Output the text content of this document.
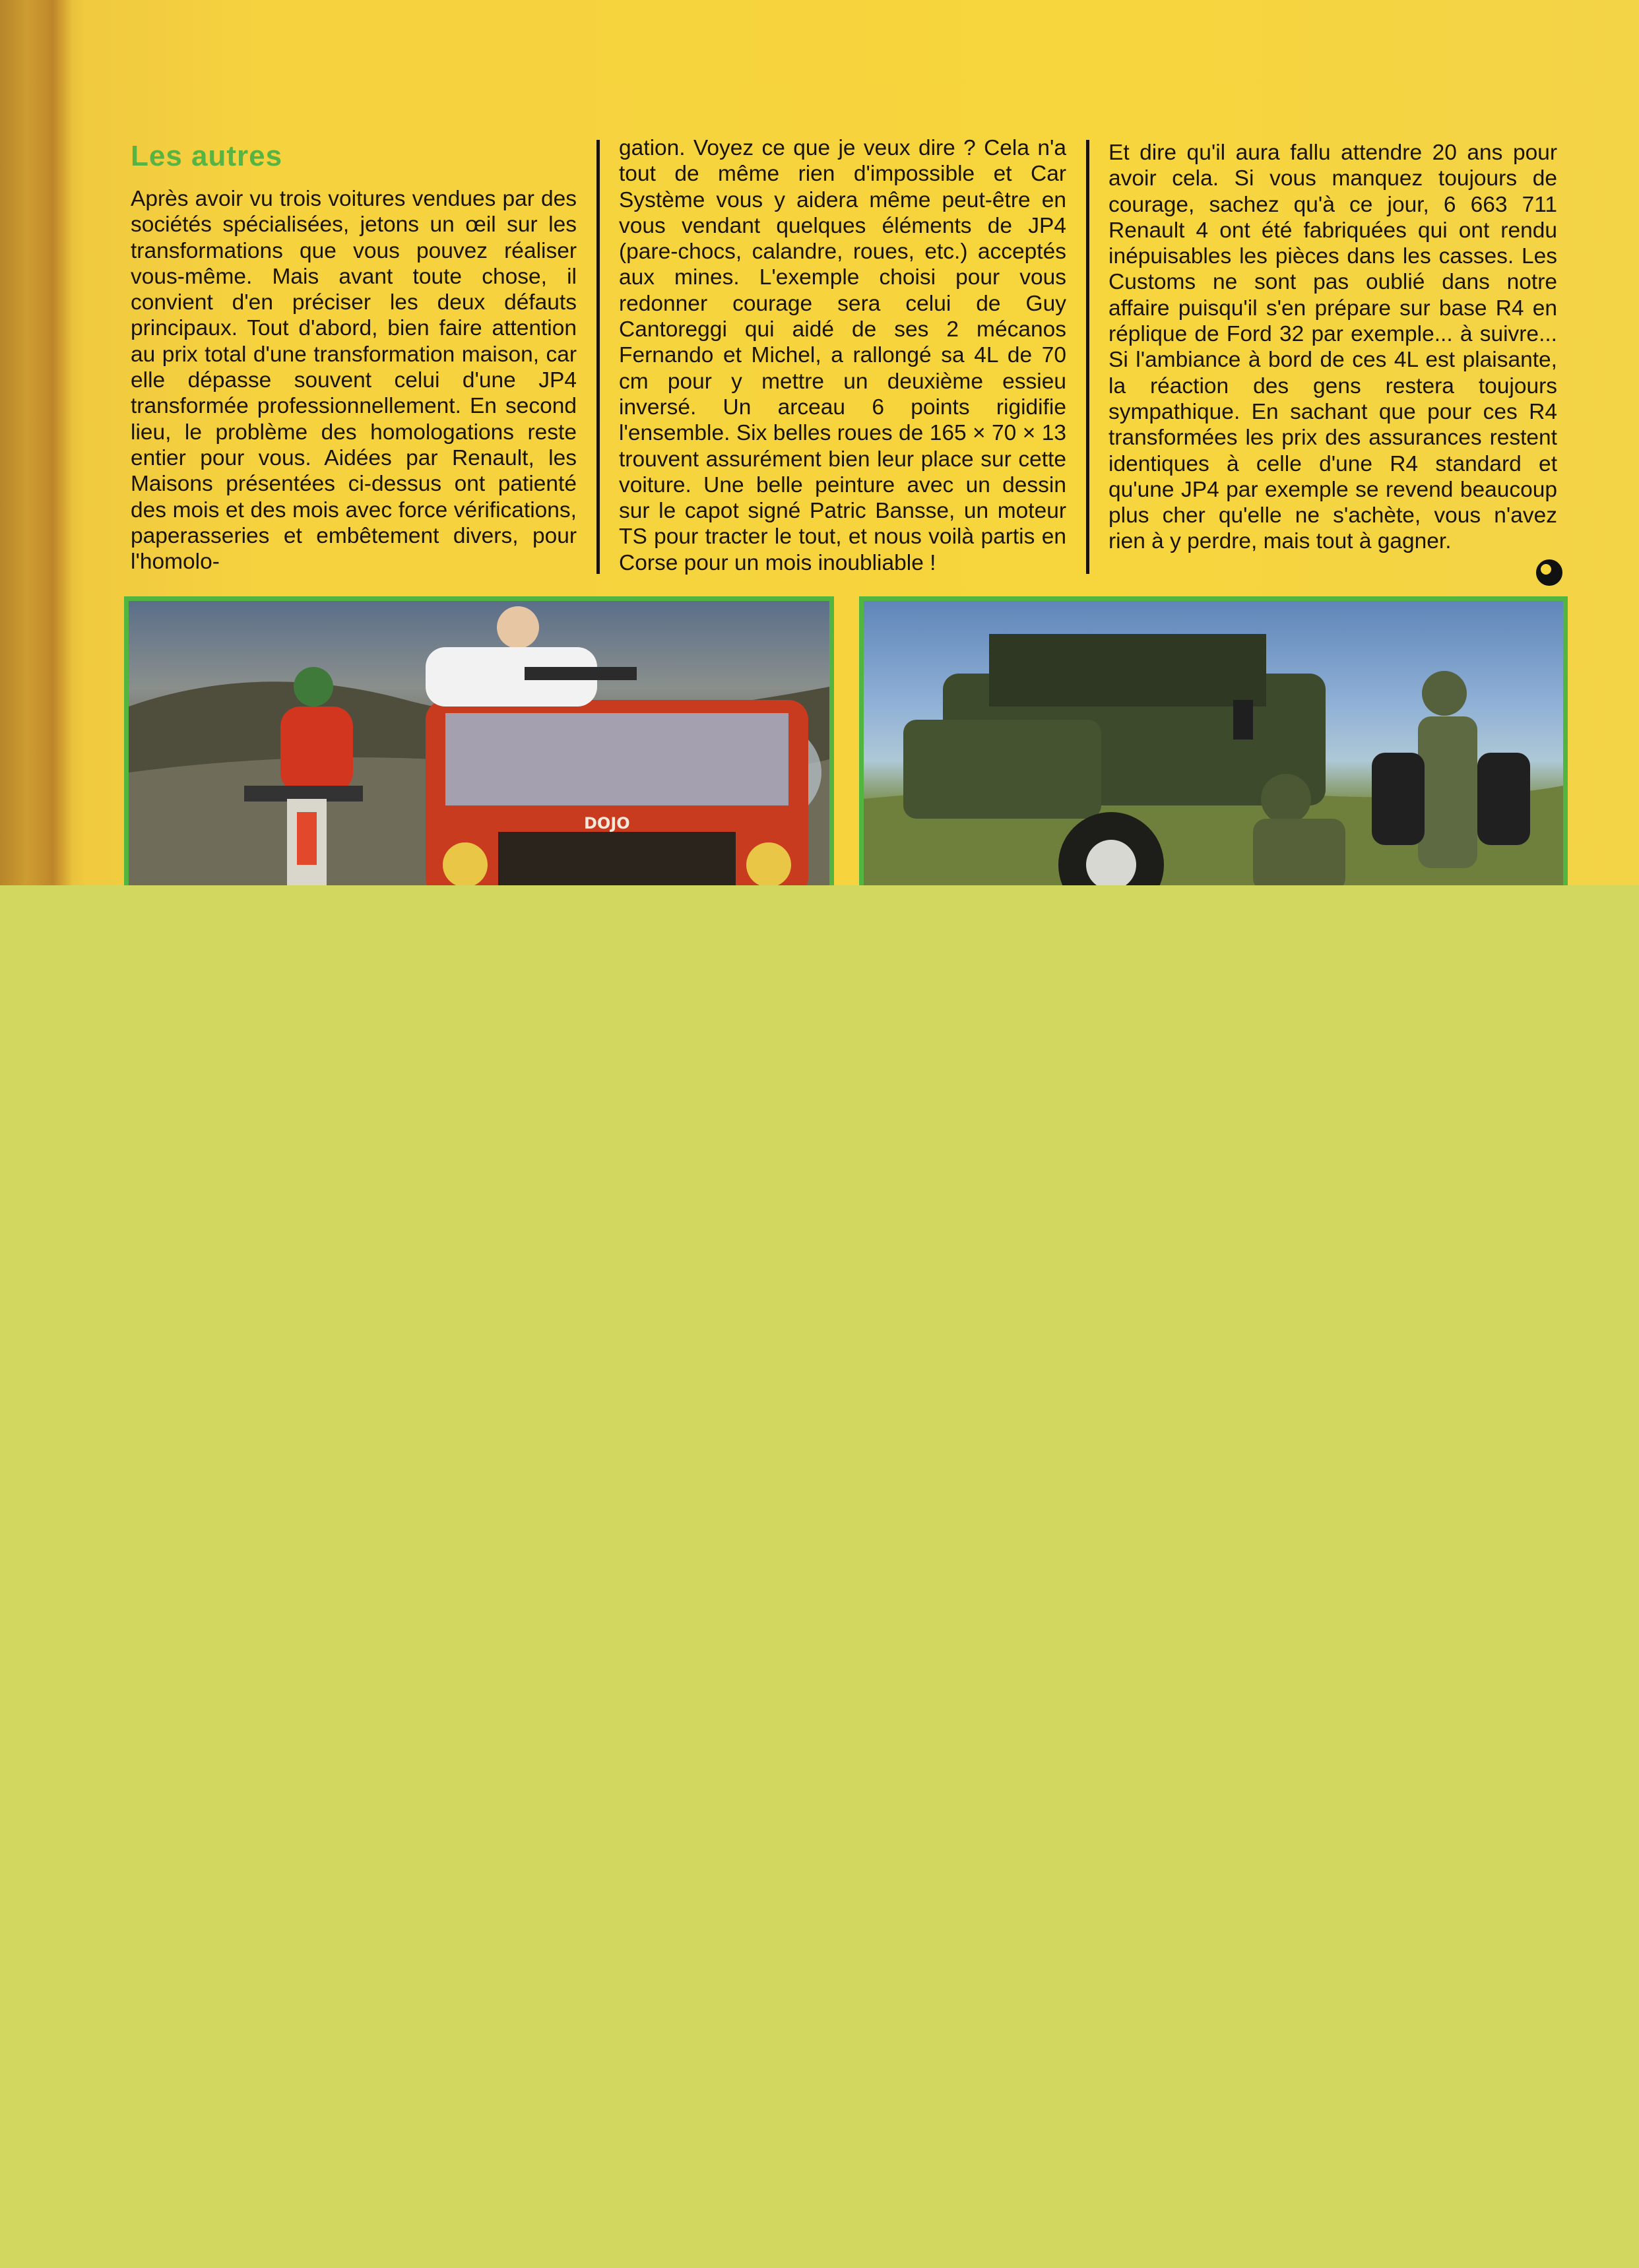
Les autres

Après avoir vu trois voitures vendues par des sociétés spécialisées, jetons un œil sur les transformations que vous pouvez réaliser vous-même. Mais avant toute chose, il convient d'en préciser les deux défauts principaux. Tout d'abord, bien faire attention au prix total d'une transformation maison, car elle dépasse souvent celui d'une JP4 transformée professionnellement. En second lieu, le problème des homologations reste entier pour vous. Aidées par Renault, les Maisons présentées ci-dessus ont patienté des mois et des mois avec force vérifications, paperasseries et embêtement divers, pour l'homolo-

gation. Voyez ce que je veux dire ? Cela n'a tout de même rien d'impossible et Car Système vous y aidera même peut-être en vous vendant quelques éléments de JP4 (pare-chocs, calandre, roues, etc.) acceptés aux mines. L'exemple choisi pour vous redonner courage sera celui de Guy Cantoreggi qui aidé de ses 2 mécanos Fernando et Michel, a rallongé sa 4L de 70 cm pour y mettre un deuxième essieu inversé. Un arceau 6 points rigidifie l'ensemble. Six belles roues de 165 × 70 × 13 trouvent assurément bien leur place sur cette voiture. Une belle peinture avec un dessin sur le capot signé Patric Bansse, un moteur TS pour tracter le tout, et nous voilà partis en Corse pour un mois inoubliable !

Et dire qu'il aura fallu attendre 20 ans pour avoir cela. Si vous manquez toujours de courage, sachez qu'à ce jour, 6 663 711 Renault 4 ont été fabriquées qui ont rendu inépuisables les pièces dans les casses. Les Customs ne sont pas oublié dans notre affaire puisqu'il s'en prépare sur base R4 en réplique de Ford 32 par exemple... à suivre... Si l'ambiance à bord de ces 4L est plaisante, la réaction des gens restera toujours sympathique. En sachant que pour ces R4 transformées les prix des assurances restent identiques à celle d'une R4 standard et qu'une JP4 par exemple se revend beaucoup plus cher qu'elle ne s'achète, vous n'avez rien à y perdre, mais tout à gagner.

DOJO
